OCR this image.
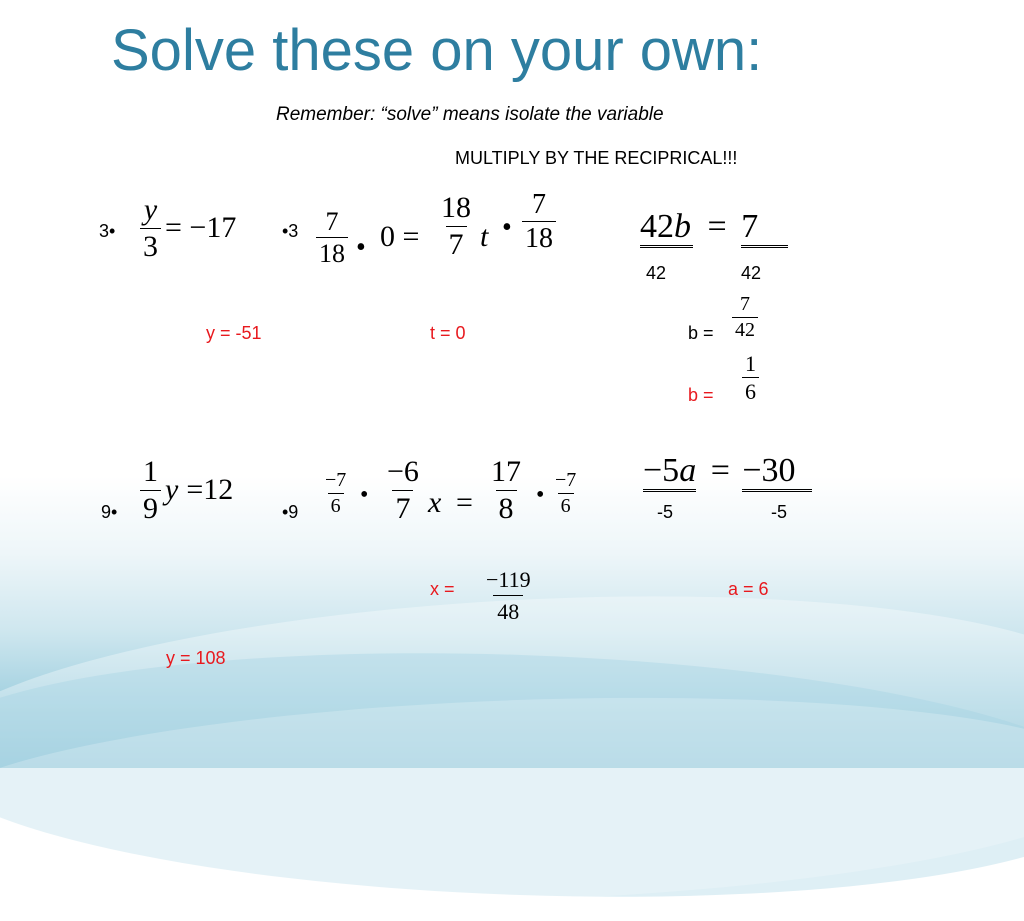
Solve these on your own:
Remember: “solve” means isolate the variable
MULTIPLY BY THE RECIPRICAL!!!
3• $\frac{y}{3} = -17$
y = -51
•3 $\frac{7}{18}$ • $0 = \frac{18}{7}$ t • $\frac{7}{18}$
t = 0
42b = 7
42	42
$b = \frac{7}{42}$
$b = \frac{1}{6}$
9• $\frac{1}{9}$ y =12
y = 108
•9 $\frac{-7}{6}$ • $\frac{-6}{7}$ $x = \frac{17}{8}$ • $\frac{-7}{6}$
$x = \frac{-119}{48}$
−5a = −30
-5	-5
a = 6
